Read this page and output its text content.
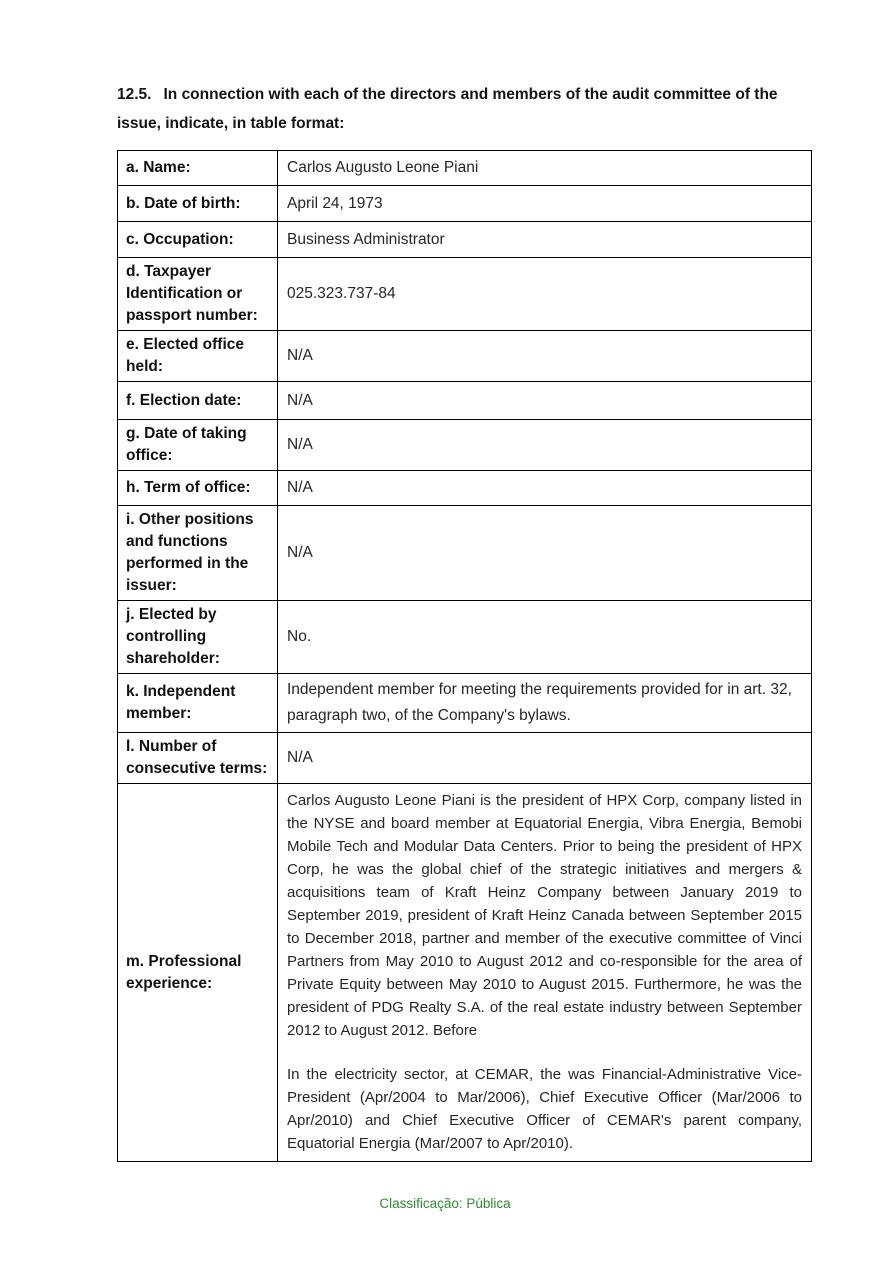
12.5. In connection with each of the directors and members of the audit committee of the issue, indicate, in table format:
a. Name:	Carlos Augusto Leone Piani
b. Date of birth:	April 24, 1973
c. Occupation:	Business Administrator
d. Taxpayer Identification or passport number:	025.323.737-84
e. Elected office held:	N/A
f. Election date:	N/A
g. Date of taking office:	N/A
h. Term of office:	N/A
i. Other positions and functions performed in the issuer:	N/A
j. Elected by controlling shareholder:	No.
k. Independent member:	Independent member for meeting the requirements provided for in art. 32, paragraph two, of the Company's bylaws.
l. Number of consecutive terms:	N/A
m. Professional experience:	Carlos Augusto Leone Piani is the president of HPX Corp, company listed in the NYSE and board member at Equatorial Energia, Vibra Energia, Bemobi Mobile Tech and Modular Data Centers. Prior to being the president of HPX Corp, he was the global chief of the strategic initiatives and mergers & acquisitions team of Kraft Heinz Company between January 2019 to September 2019, president of Kraft Heinz Canada between September 2015 to December 2018, partner and member of the executive committee of Vinci Partners from May 2010 to August 2012 and co-responsible for the area of Private Equity between May 2010 to August 2015. Furthermore, he was the president of PDG Realty S.A. of the real estate industry between September 2012 to August 2012. Before

In the electricity sector, at CEMAR, the was Financial-Administrative Vice-President (Apr/2004 to Mar/2006), Chief Executive Officer (Mar/2006 to Apr/2010) and Chief Executive Officer of CEMAR's parent company, Equatorial Energia (Mar/2007 to Apr/2010).

Classificação: Pública
